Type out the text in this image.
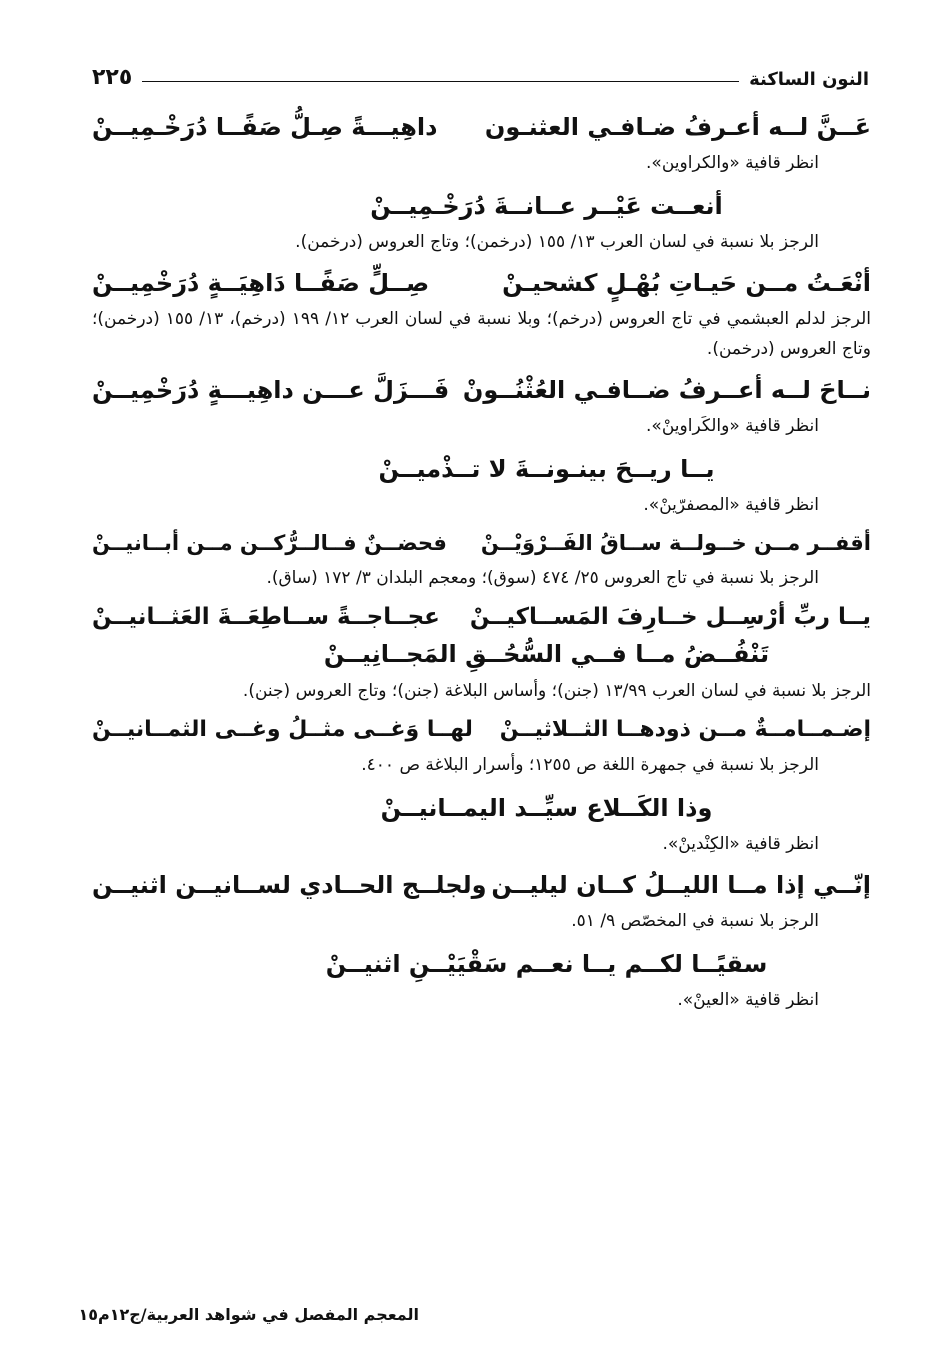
النون الساكنة
٢٢٥
عَــنَّ لــه أعـرفُ ضـافـي العثنـون
داهِيـــةً صِـلُّ صَفًــا دُرَخْـمِيــنْ
انظر قافية «والكراوين».
أنعــت عَيْــر عــانــةَ دُرَخْـمِيــنْ
الرجز بلا نسبة في لسان العرب ١٣/ ١٥٥ (درخمن)؛ وتاج العروس (درخمن).
أنْعَـتُ مــن حَيـاتِ بُهْـلٍ كشحيـنْ
صِــلٍّ صَفًــا دَاهِيَــةٍ دُرَخْمِيــنْ
الرجز لدلم العبشمي في تاج العروس (درخم)؛ وبلا نسبة في لسان العرب ١٢/ ١٩٩ (درخم)، ١٣/ ١٥٥ (درخمن)؛ وتاج العروس (درخمن).
نــاحَ لــه أعــرفُ ضــافـي العُثْنُــونْ
فَـــزَلَّ عـــن داهِيـــةٍ دُرَخْمِيــنْ
انظر قافية «والكَراوينْ».
يــا ريــحَ بينـونــةَ لا تــذْميــنْ
انظر قافية «المصفرّينْ».
أقفــر مــن خــولــة ســاقُ الفَــرْوَيْــنْ
فحضــنٌ فــالــرُّكــن مــن أبــانيــنْ
الرجز بلا نسبة في تاج العروس ٢٥/ ٤٧٤ (سوق)؛ ومعجم البلدان ٣/ ١٧٢ (ساق).
يــا ربِّ أرْسِــل خــارِفَ المَســاكيــنْ
عجــاجــةً ســاطِعَــةَ العَثــانيــنْ
تَنْفُــضُ مــا فــي السُّحُــقِ المَجــانِيــنْ
الرجز بلا نسبة في لسان العرب ١٣/٩٩ (جنن)؛ وأساس البلاغة (جنن)؛ وتاج العروس (جنن).
إضـمــامــةٌ مــن ذودهــا الثــلاثيــنْ
لهــا وَغــى مثــلُ وغــى الثمــانيــنْ
الرجز بلا نسبة في جمهرة اللغة ص ١٢٥٥؛ وأسرار البلاغة ص ٤٠٠.
وذا الكَــلاع سيِّــد اليمــانيــنْ
انظر قافية «الكِنْدينْ».
إنّــي إذا مــا الليــلُ كــان ليليــن
ولجلــج الحــادي لســانيــن اثنيــن
الرجز بلا نسبة في المخصّص ٩/ ٥١.
سقيًــا لكــم يــا نعــم سَقْيَيْــنِ اثنيــنْ
انظر قافية «العينْ».
المعجم المفصل في شواهد العربية/ج١٢م١٥
